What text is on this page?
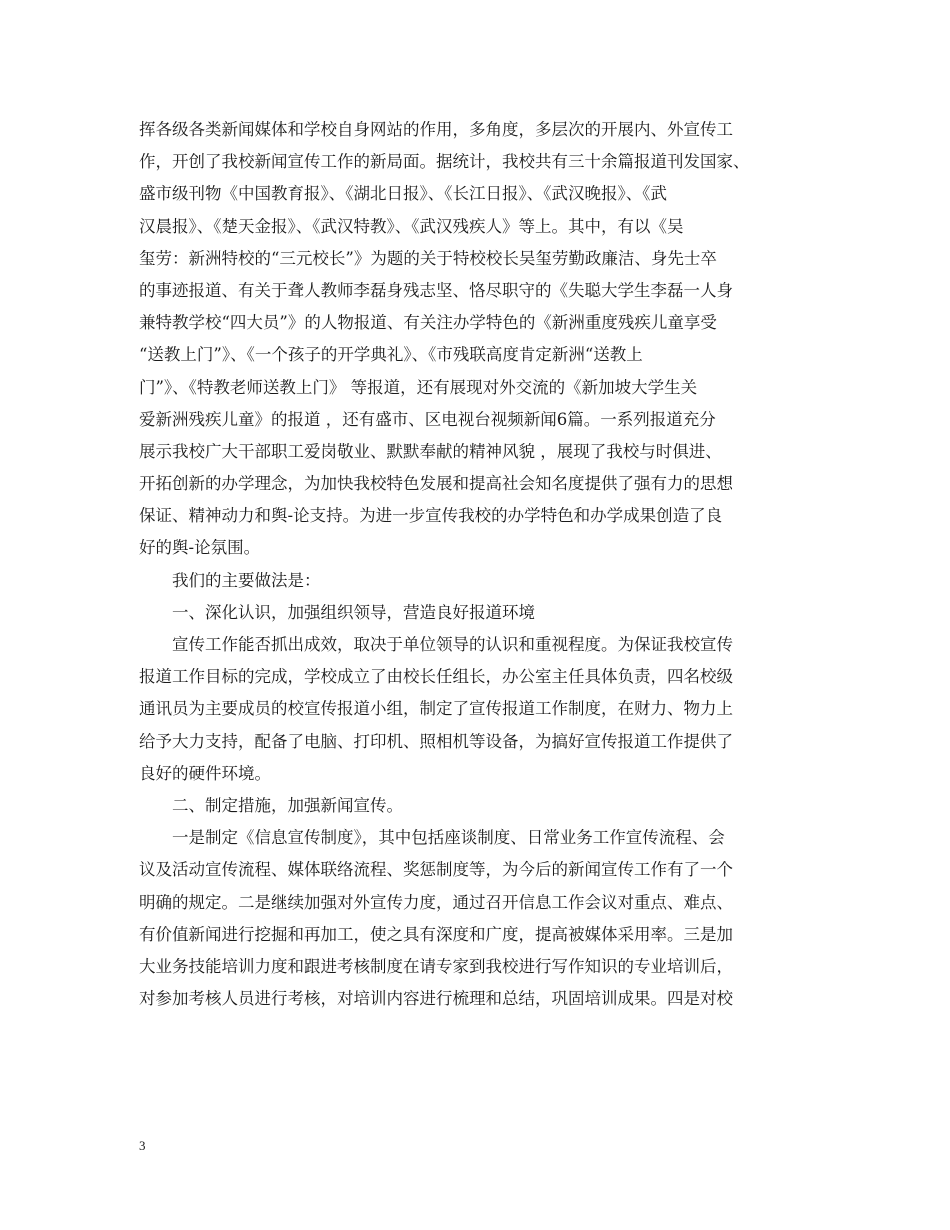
挥各级各类新闻媒体和学校自身网站的作用，多角度，多层次的开展内、外宣传工
作，开创了我校新闻宣传工作的新局面。据统计，我校共有三十余篇报道刊发国家、
盛市级刊物《中国教育报》、《湖北日报》、《长江日报》、《武汉晚报》、《武
汉晨报》、《楚天金报》、《武汉特教》、《武汉残疾人》等上。其中，有以《吴
玺劳：新洲特校的“三元校长”》为题的关于特校校长吴玺劳勤政廉洁、身先士卒
的事迹报道、有关于聋人教师李磊身残志坚、恪尽职守的《失聪大学生李磊一人身
兼特教学校“四大员”》的人物报道、有关注办学特色的《新洲重度残疾儿童享受
“送教上门”》、《一个孩子的开学典礼》、《市残联高度肯定新洲“送教上
门”》、《特教老师送教上门》 等报道，还有展现对外交流的《新加坡大学生关
爱新洲残疾儿童》的报道 ，还有盛市、区电视台视频新闻6篇。一系列报道充分
展示我校广大干部职工爱岗敬业、默默奉献的精神风貌 ，展现了我校与时俱进、
开拓创新的办学理念，为加快我校特色发展和提高社会知名度提供了强有力的思想
保证、精神动力和舆-论支持。为进一步宣传我校的办学特色和办学成果创造了良
好的舆-论氛围。
我们的主要做法是：
一、深化认识，加强组织领导，营造良好报道环境
宣传工作能否抓出成效，取决于单位领导的认识和重视程度。为保证我校宣传
报道工作目标的完成，学校成立了由校长任组长，办公室主任具体负责，四名校级
通讯员为主要成员的校宣传报道小组，制定了宣传报道工作制度，在财力、物力上
给予大力支持，配备了电脑、打印机、照相机等设备，为搞好宣传报道工作提供了
良好的硬件环境。
二、制定措施，加强新闻宣传。
一是制定《信息宣传制度》，其中包括座谈制度、日常业务工作宣传流程、会
议及活动宣传流程、媒体联络流程、奖惩制度等，为今后的新闻宣传工作有了一个
明确的规定。二是继续加强对外宣传力度，通过召开信息工作会议对重点、难点、
有价值新闻进行挖掘和再加工，使之具有深度和广度，提高被媒体采用率。三是加
大业务技能培训力度和跟进考核制度在请专家到我校进行写作知识的专业培训后，
对参加考核人员进行考核，对培训内容进行梳理和总结，巩固培训成果。四是对校
3
